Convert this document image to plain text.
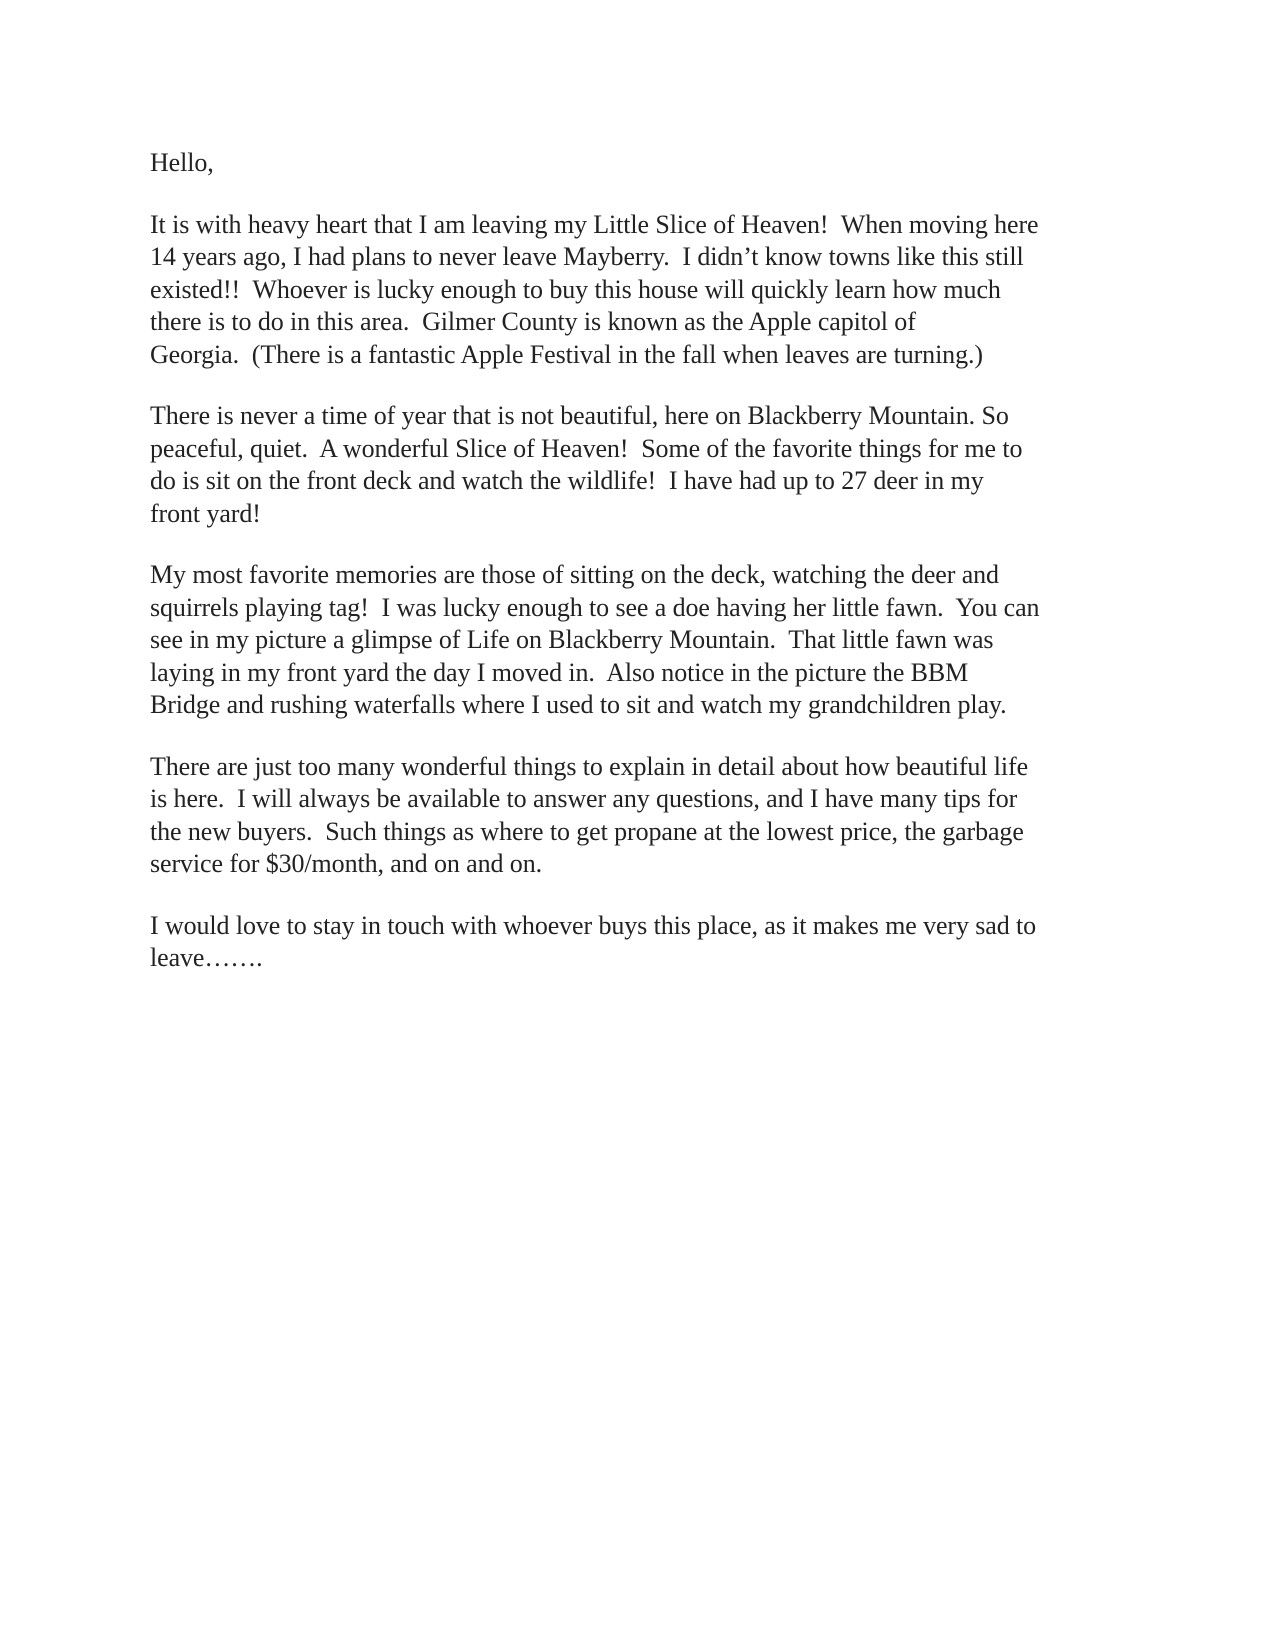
Hello,
It is with heavy heart that I am leaving my Little Slice of Heaven!  When moving here
14 years ago, I had plans to never leave Mayberry.  I didn’t know towns like this still
existed!!  Whoever is lucky enough to buy this house will quickly learn how much
there is to do in this area.  Gilmer County is known as the Apple capitol of
Georgia.  (There is a fantastic Apple Festival in the fall when leaves are turning.)
There is never a time of year that is not beautiful, here on Blackberry Mountain. So
peaceful, quiet.  A wonderful Slice of Heaven!  Some of the favorite things for me to
do is sit on the front deck and watch the wildlife!  I have had up to 27 deer in my
front yard!
My most favorite memories are those of sitting on the deck, watching the deer and
squirrels playing tag!  I was lucky enough to see a doe having her little fawn.  You can
see in my picture a glimpse of Life on Blackberry Mountain.  That little fawn was
laying in my front yard the day I moved in.  Also notice in the picture the BBM
Bridge and rushing waterfalls where I used to sit and watch my grandchildren play.
There are just too many wonderful things to explain in detail about how beautiful life
is here.  I will always be available to answer any questions, and I have many tips for
the new buyers.  Such things as where to get propane at the lowest price, the garbage
service for $30/month, and on and on.
I would love to stay in touch with whoever buys this place, as it makes me very sad to
leave…….
